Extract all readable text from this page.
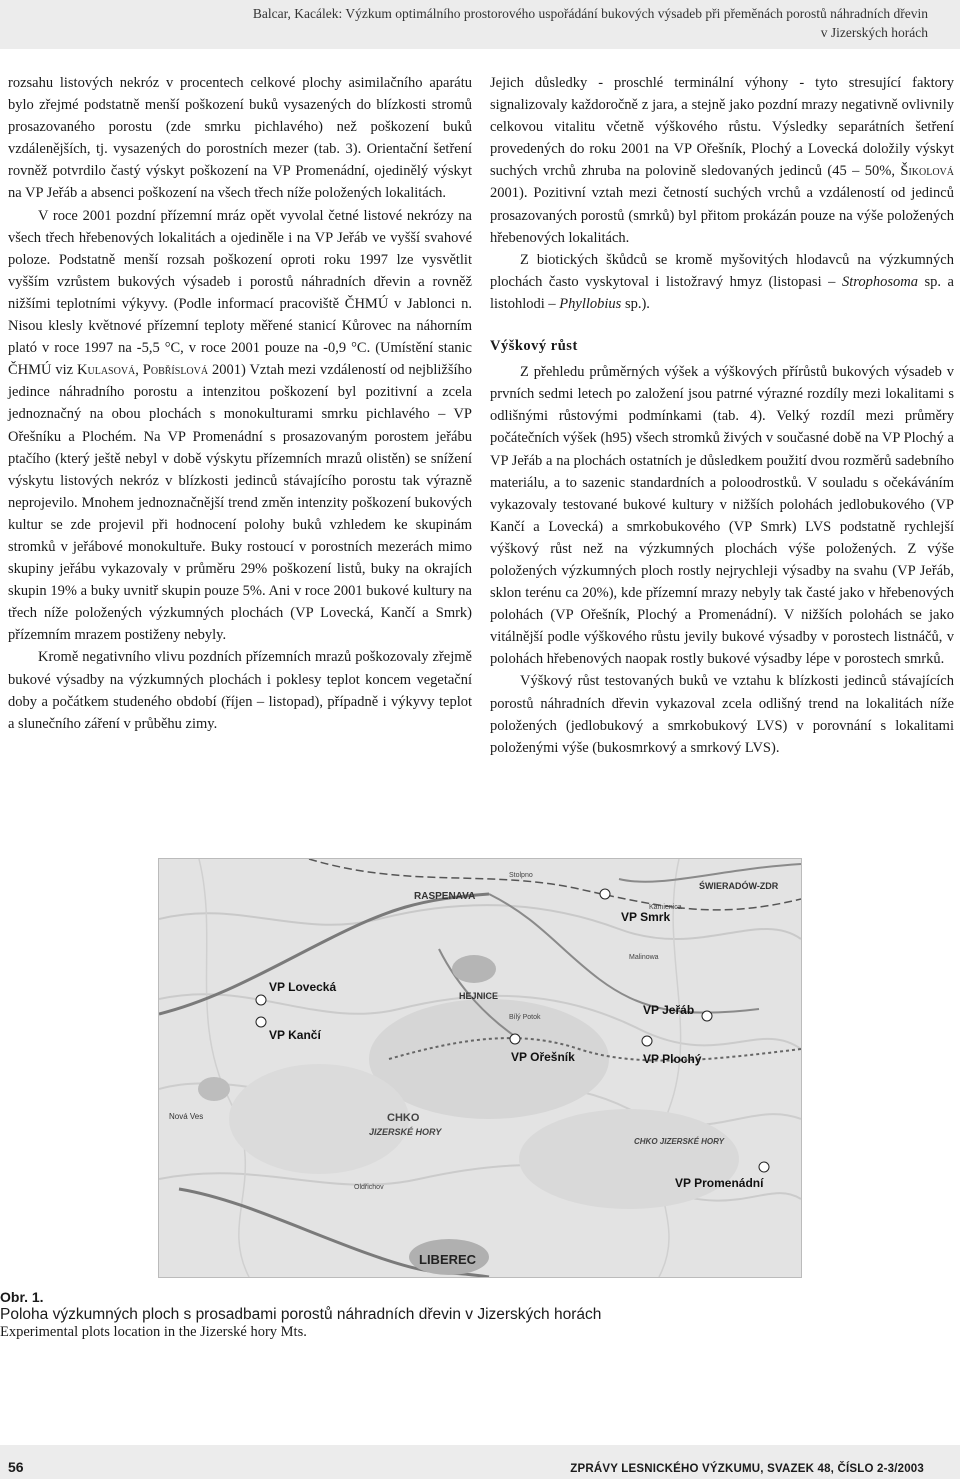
Balcar, Kacálek: Výzkum optimálního prostorového uspořádání bukových výsadeb při přeměnách porostů náhradních dřevin
v Jizerských horách

rozsahu listových nekróz v procentech celkové plochy asimilačního aparátu bylo zřejmé podstatně menší poškození buků vysazených do blízkosti stromů prosazovaného porostu (zde smrku pichlavého) než poškození buků vzdálenějších, tj. vysazených do porostních mezer (tab. 3). Orientační šetření rovněž potvrdilo častý výskyt poškození na VP Promenádní, ojedinělý výskyt na VP Jeřáb a absenci poškození na všech třech níže položených lokalitách.

V roce 2001 pozdní přízemní mráz opět vyvolal četné listové nekrózy na všech třech hřebenových lokalitách a ojediněle i na VP Jeřáb ve vyšší svahové poloze. Podstatně menší rozsah poškození oproti roku 1997 lze vysvětlit vyšším vzrůstem bukových výsadeb i porostů náhradních dřevin a rovněž nižšími teplotními výkyvy. (Podle informací pracoviště ČHMÚ v Jablonci n. Nisou klesly květnové přízemní teploty měřené stanicí Kůrovec na náhorním plató v roce 1997 na -5,5 °C, v roce 2001 pouze na -0,9 °C. (Umístění stanic ČHMÚ viz Kulasová, Pobříslová 2001) Vztah mezi vzdáleností od nejbližšího jedince náhradního porostu a intenzitou poškození byl pozitivní a zcela jednoznačný na obou plochách s monokulturami smrku pichlavého – VP Ořešníku a Plochém. Na VP Promenádní s prosazovaným porostem jeřábu ptačího (který ještě nebyl v době výskytu přízemních mrazů olistěn) se snížení výskytu listových nekróz v blízkosti jedinců stávajícího porostu tak výrazně neprojevilo. Mnohem jednoznačnější trend změn intenzity poškození bukových kultur se zde projevil při hodnocení polohy buků vzhledem ke skupinám stromků v jeřábové monokultuře. Buky rostoucí v porostních mezerách mimo skupiny jeřábu vykazovaly v průměru 29% poškození listů, buky na okrajích skupin 19% a buky uvnitř skupin pouze 5%. Ani v roce 2001 bukové kultury na třech níže položených výzkumných plochách (VP Lovecká, Kančí a Smrk) přízemním mrazem postiženy nebyly.

Kromě negativního vlivu pozdních přízemních mrazů poškozovaly zřejmě bukové výsadby na výzkumných plochách i poklesy teplot koncem vegetační doby a počátkem studeného období (říjen – listopad), případně i výkyvy teplot a slunečního záření v průběhu zimy.

Jejich důsledky - proschlé terminální výhony - tyto stresující faktory signalizovaly každoročně z jara, a stejně jako pozdní mrazy negativně ovlivnily celkovou vitalitu včetně výškového růstu. Výsledky separátních šetření provedených do roku 2001 na VP Ořešník, Plochý a Lovecká doložily výskyt suchých vrchů zhruba na polovině sledovaných jedinců (45 – 50%, Šikolová 2001). Pozitivní vztah mezi četností suchých vrchů a vzdáleností od jedinců prosazovaných porostů (smrků) byl přitom prokázán pouze na výše položených hřebenových lokalitách.

Z biotických škůdců se kromě myšovitých hlodavců na výzkumných plochách často vyskytoval i listožravý hmyz (listopasi – Strophosoma sp. a listohlodi – Phyllobius sp.).

Výškový růst

Z přehledu průměrných výšek a výškových přírůstů bukových výsadeb v prvních sedmi letech po založení jsou patrné výrazné rozdíly mezi lokalitami s odlišnými růstovými podmínkami (tab. 4). Velký rozdíl mezi průměry počátečních výšek (h95) všech stromků živých v současné době na VP Plochý a VP Jeřáb a na plochách ostatních je důsledkem použití dvou rozměrů sadebního materiálu, a to sazenic standardních a poloodrostků. V souladu s očekáváním vykazovaly testované bukové kultury v nižších polohách jedlobukového (VP Kančí a Lovecká) a smrkobukového (VP Smrk) LVS podstatně rychlejší výškový růst než na výzkumných plochách výše položených. Z výše položených výzkumných ploch rostly nejrychleji výsadby na svahu (VP Jeřáb, sklon terénu ca 20%), kde přízemní mrazy nebyly tak časté jako v hřebenových polohách (VP Ořešník, Plochý a Promenádní). V nižších polohách se jako vitálnější podle výškového růstu jevily bukové výsadby v porostech listnáčů, v polohách hřebenových naopak rostly bukové výsadby lépe v porostech smrků.

Výškový růst testovaných buků ve vztahu k blízkosti jedinců stávajících porostů náhradních dřevin vykazoval zcela odlišný trend na lokalitách níže položených (jedlobukový a smrkobukový LVS) v porovnání s lokalitami položenými výše (bukosmrkový a smrkový LVS).

RASPENAVA
ŚWIERADÓW-ZDR
HEJNICE
Bílý Potok
Kamienica
Stolpno
Malinowa
Nová Ves
Oldřichov
CHKO
JIZERSKÉ HORY
CHKO JIZERSKÉ HORY
LIBEREC
VP Lovecká
VP Kančí
VP Smrk
VP Jeřáb
VP Ořešník	VP Plochý
VP Promenádní
Obr. 1.
Poloha výzkumných ploch s prosadbami porostů náhradních dřevin v Jizerských horách
Experimental plots location in the Jizerské hory Mts.
56	ZPRÁVY LESNICKÉHO VÝZKUMU, SVAZEK 48, ČÍSLO 2-3/2003
